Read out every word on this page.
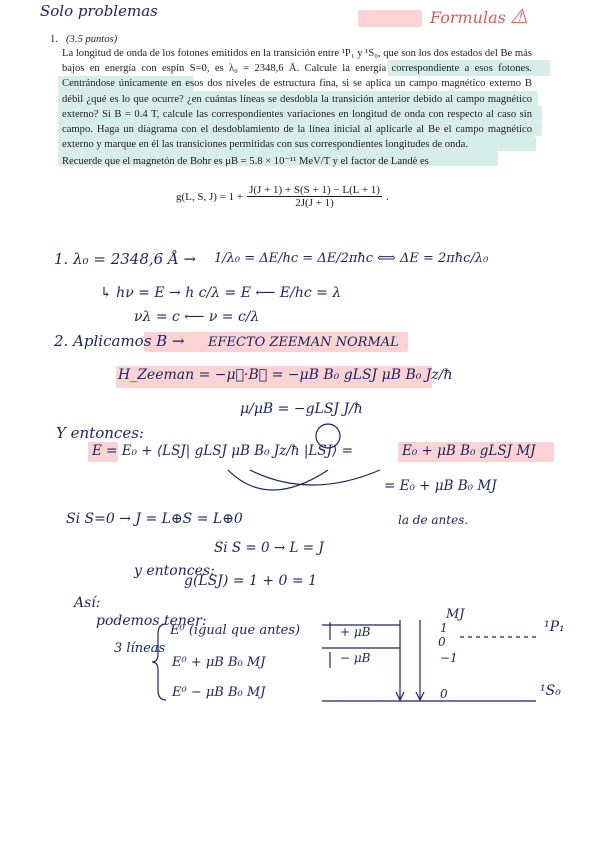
Solo problemas	Formulas ⚠
1. (3.5 puntos)

La longitud de onda de los fotones emitidos en la transición entre ¹P₁ y ¹S₀, que son los dos estados del Be más bajos en energía con espín S=0, es λ₀ = 2348,6 Å. Calcule la energía correspondiente a esos fotones. Centrándose únicamente en esos dos niveles de estructura fina, si se aplica un campo magnético externo B débil ¿qué es lo que ocurre? ¿en cuántas líneas se desdobla la transición anterior debido al campo magnético externo? Si B = 0.4 T, calcule las correspondientes variaciones en longitud de onda con respecto al caso sin campo. Haga un diagrama con el desdoblamiento de la línea inicial al aplicarle al Be el campo magnético externo y marque en él las transiciones permitidas con sus correspondientes longitudes de onda.

Recuerde que el magnetón de Bohr es μB = 5.8 × 10⁻¹¹ MeV/T y el factor de Landè es

g(L, S, $J) = 1 + \frac{J(J + 1) + S(S + 1) - L(L + 1)}{2J(J + 1)}$ .
1. λ₀ = 2348,6 Å → 1/λ₀ = ΔE/hc = ΔE/2πħc ⟺ ΔE = 2πħc/λ₀
↳ hν = E → h c/λ = E ⟵ E/hc = λ
νλ = c ⟵ ν = c/λ
2. Aplicamos B → EFECTO ZEEMAN NORMAL
H_Zeeman = −μ⃗·B⃗ = −μB B₀ gLSJ μB B₀ Jz/ħ
μ/μB = −gLSJ J/ħ
Y entonces:
E = E₀ + ⟨LSJ| gLSJ μB B₀ Jz/ħ |LSJ⟩ =	E₀ + μB B₀ gLSJ MJ
= E₀ + μB B₀ MJ
la de antes.
Si S=0 → J = L⊕S = L⊕0
Si S = 0 → L = J
y entonces:
g(LSJ) = 1 + 0 = 1
Así:
podemos tener:
3 líneas
E⁰ (igual que antes)
E⁰ + μB B₀ MJ
E⁰ − μB B₀ MJ
MJ
¹P₁
¹S₀
+ μB
− μB
1
0
−1
0
